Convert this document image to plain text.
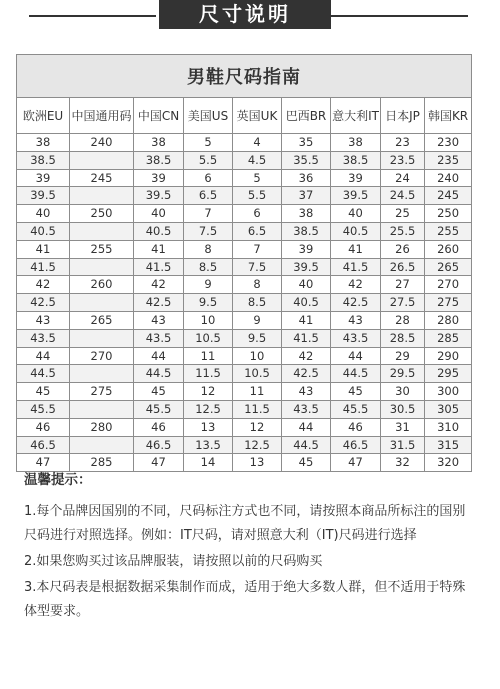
尺寸说明
男鞋尺码指南								
欧洲EU	中国通用码	中国CN	美国US	英国UK	巴西BR	意大利IT	日本JP	韩国KR
38	240	38	5	4	35	38	23	230
38.5		38.5	5.5	4.5	35.5	38.5	23.5	235
39	245	39	6	5	36	39	24	240
39.5		39.5	6.5	5.5	37	39.5	24.5	245
40	250	40	7	6	38	40	25	250
40.5		40.5	7.5	6.5	38.5	40.5	25.5	255
41	255	41	8	7	39	41	26	260
41.5		41.5	8.5	7.5	39.5	41.5	26.5	265
42	260	42	9	8	40	42	27	270
42.5		42.5	9.5	8.5	40.5	42.5	27.5	275
43	265	43	10	9	41	43	28	280
43.5		43.5	10.5	9.5	41.5	43.5	28.5	285
44	270	44	11	10	42	44	29	290
44.5		44.5	11.5	10.5	42.5	44.5	29.5	295
45	275	45	12	11	43	45	30	300
45.5		45.5	12.5	11.5	43.5	45.5	30.5	305
46	280	46	13	12	44	46	31	310
46.5		46.5	13.5	12.5	44.5	46.5	31.5	315
47	285	47	14	13	45	47	32	320
温馨提示：
1.每个品牌因国别的不同，尺码标注方式也不同，请按照本商品所标注的国别尺码进行对照选择。例如：IT尺码，请对照意大利（IT)尺码进行选择
2.如果您购买过该品牌服装，请按照以前的尺码购买
3.本尺码表是根据数据采集制作而成，适用于绝大多数人群，但不适用于特殊体型要求。
